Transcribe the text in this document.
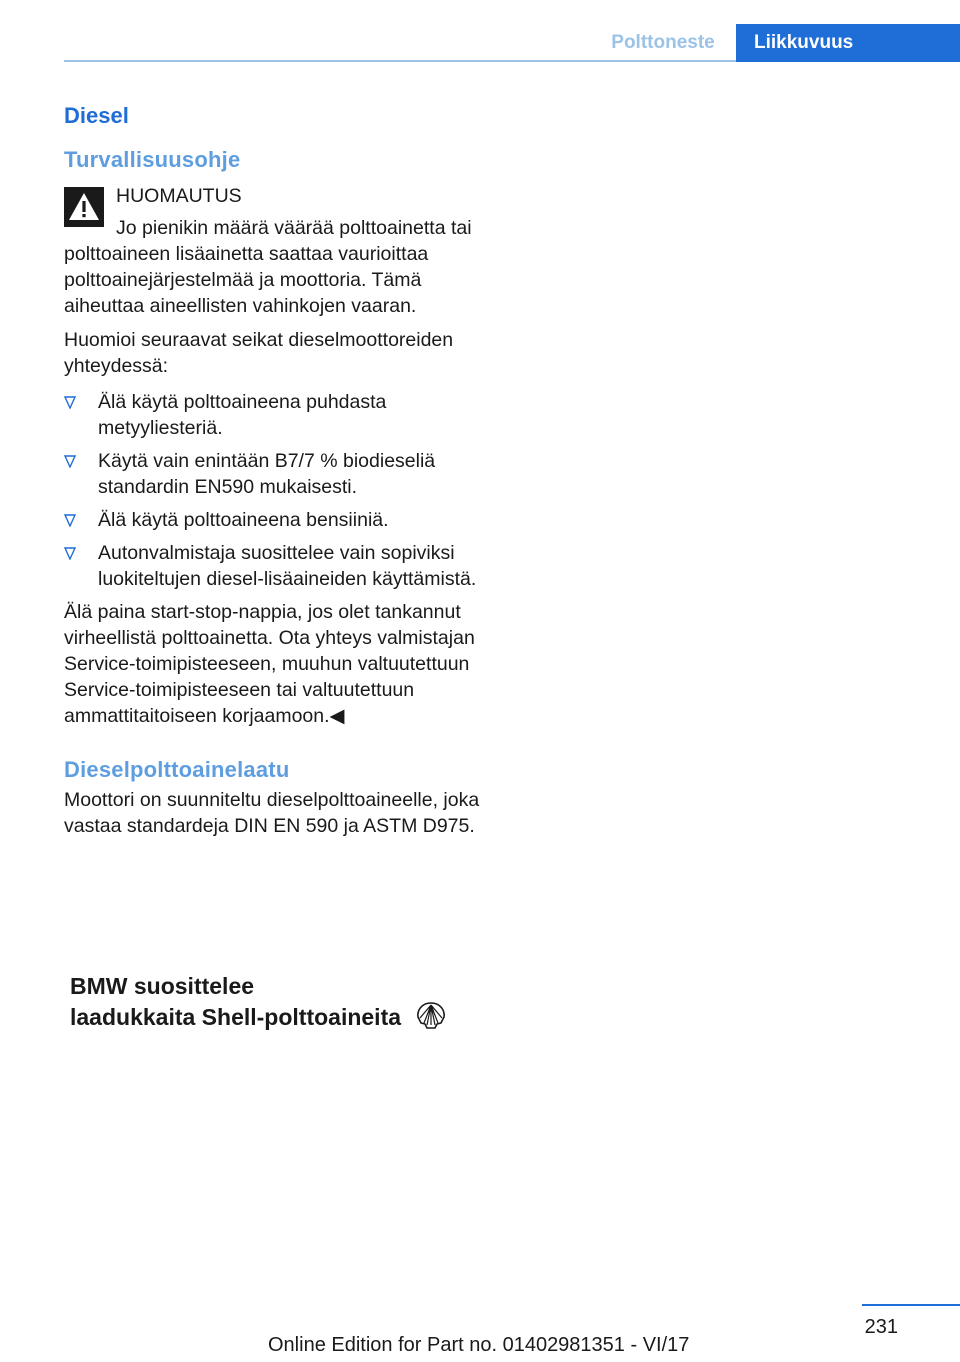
Polttoneste	Liikkuvuus
Diesel
Turvallisuusohje

HUOMAUTUS

Jo pienikin määrä väärää polttoainetta tai polttoaineen lisäainetta saattaa vaurioittaa polttoainejärjestelmää ja moottoria. Tämä aiheuttaa aineellisten vahinkojen vaaran.

Huomioi seuraavat seikat dieselmoottoreiden yhteydessä:

Älä käytä polttoaineena puhdasta metyyliesteriä.
Käytä vain enintään B7/7 % biodieseliä standardin EN590 mukaisesti.
Älä käytä polttoaineena bensiiniä.
Autonvalmistaja suosittelee vain sopiviksi luokiteltujen diesel-lisäaineiden käyttämistä.

Älä paina start-stop-nappia, jos olet tankannut virheellistä polttoainetta. Ota yhteys valmistajan Service-toimipisteeseen, muuhun valtuutettuun Service-toimipisteeseen tai valtuutettuun ammattitaitoiseen korjaamoon.◀

Dieselpolttoainelaatu

Moottori on suunniteltu dieselpolttoaineelle, joka vastaa standardeja DIN EN 590 ja ASTM D975.

BMW suosittelee
laadukkaita Shell-polttoaineita
231
Online Edition for Part no. 01402981351 - VI/17
